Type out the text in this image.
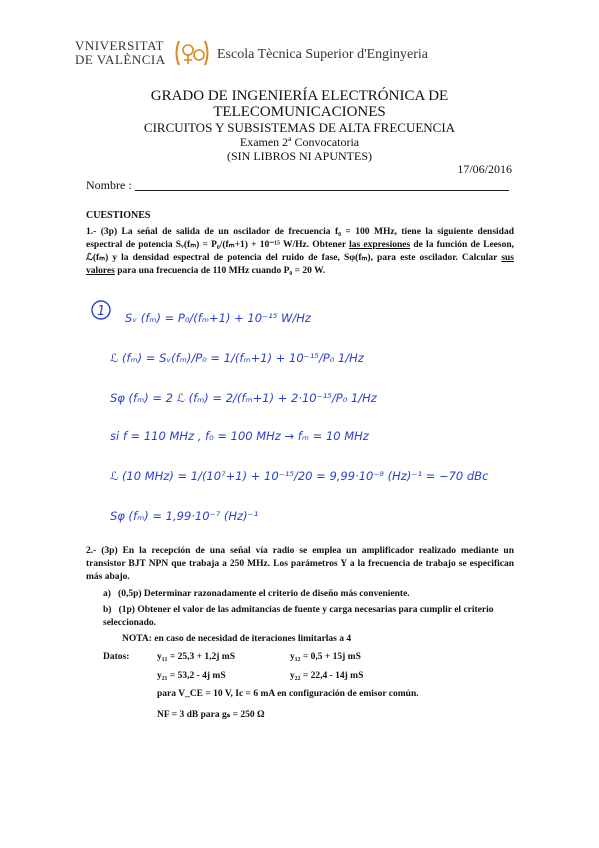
VNIVERSITAT
DE VALÈNCIA	Escola Tècnica Superior d'Enginyeria
GRADO DE INGENIERÍA ELECTRÓNICA DE
TELECOMUNICACIONES
CIRCUITOS Y SUBSISTEMAS DE ALTA FRECUENCIA
Examen 2ª Convocatoria
(SIN LIBROS NI APUNTES)
17/06/2016
Nombre :
CUESTIONES
1.- (3p) La señal de salida de un oscilador de frecuencia f₀ = 100 MHz, tiene la siguiente densidad espectral de potencia Sᵥ(fₘ) = P₀/(fₘ+1) + 10⁻¹⁵ W/Hz. Obtener las expresiones de la función de Leeson, ℒ(fₘ) y la densidad espectral de potencia del ruido de fase, Sφ(fₘ), para este oscilador. Calcular sus valores para una frecuencia de 110 MHz cuando P₀ = 20 W.
1 Sᵥ (fₘ) = P₀/(fₘ+1) + 10⁻¹⁵ W/Hz
ℒ (fₘ) = Sᵥ(fₘ)/P₀ = 1/(fₘ+1) + 10⁻¹⁵/P₀ 1/Hz
Sφ (fₘ) = 2 ℒ (fₘ) = 2/(fₘ+1) + 2·10⁻¹⁵/P₀ 1/Hz
si f = 110 MHz , f₀ = 100 MHz → fₘ = 10 MHz
ℒ (10 MHz) = 1/(10⁷+1) + 10⁻¹⁵/20 = 9,99·10⁻⁸ (Hz)⁻¹ = −70 dBc
Sφ (fₘ) = 1,99·10⁻⁷ (Hz)⁻¹
2.- (3p) En la recepción de una señal vía radio se emplea un amplificador realizado mediante un transistor BJT NPN que trabaja a 250 MHz. Los parámetros Y a la frecuencia de trabajo se especifican más abajo.
a) (0,5p) Determinar razonadamente el criterio de diseño más conveniente.
b) (1p) Obtener el valor de las admitancias de fuente y carga necesarias para cumplir el criterio seleccionado.
NOTA: en caso de necesidad de iteraciones limitarlas a 4
Datos:	y₁₁ = 25,3 + 1,2j mS	y₁₂ = 0,5 + 15j mS
y₂₁ = 53,2 - 4j mS	y₂₂ = 22,4 - 14j mS
para V_CE = 10 V, Ic = 6 mA en configuración de emisor común.
NF = 3 dB para gₛ = 250 Ω
